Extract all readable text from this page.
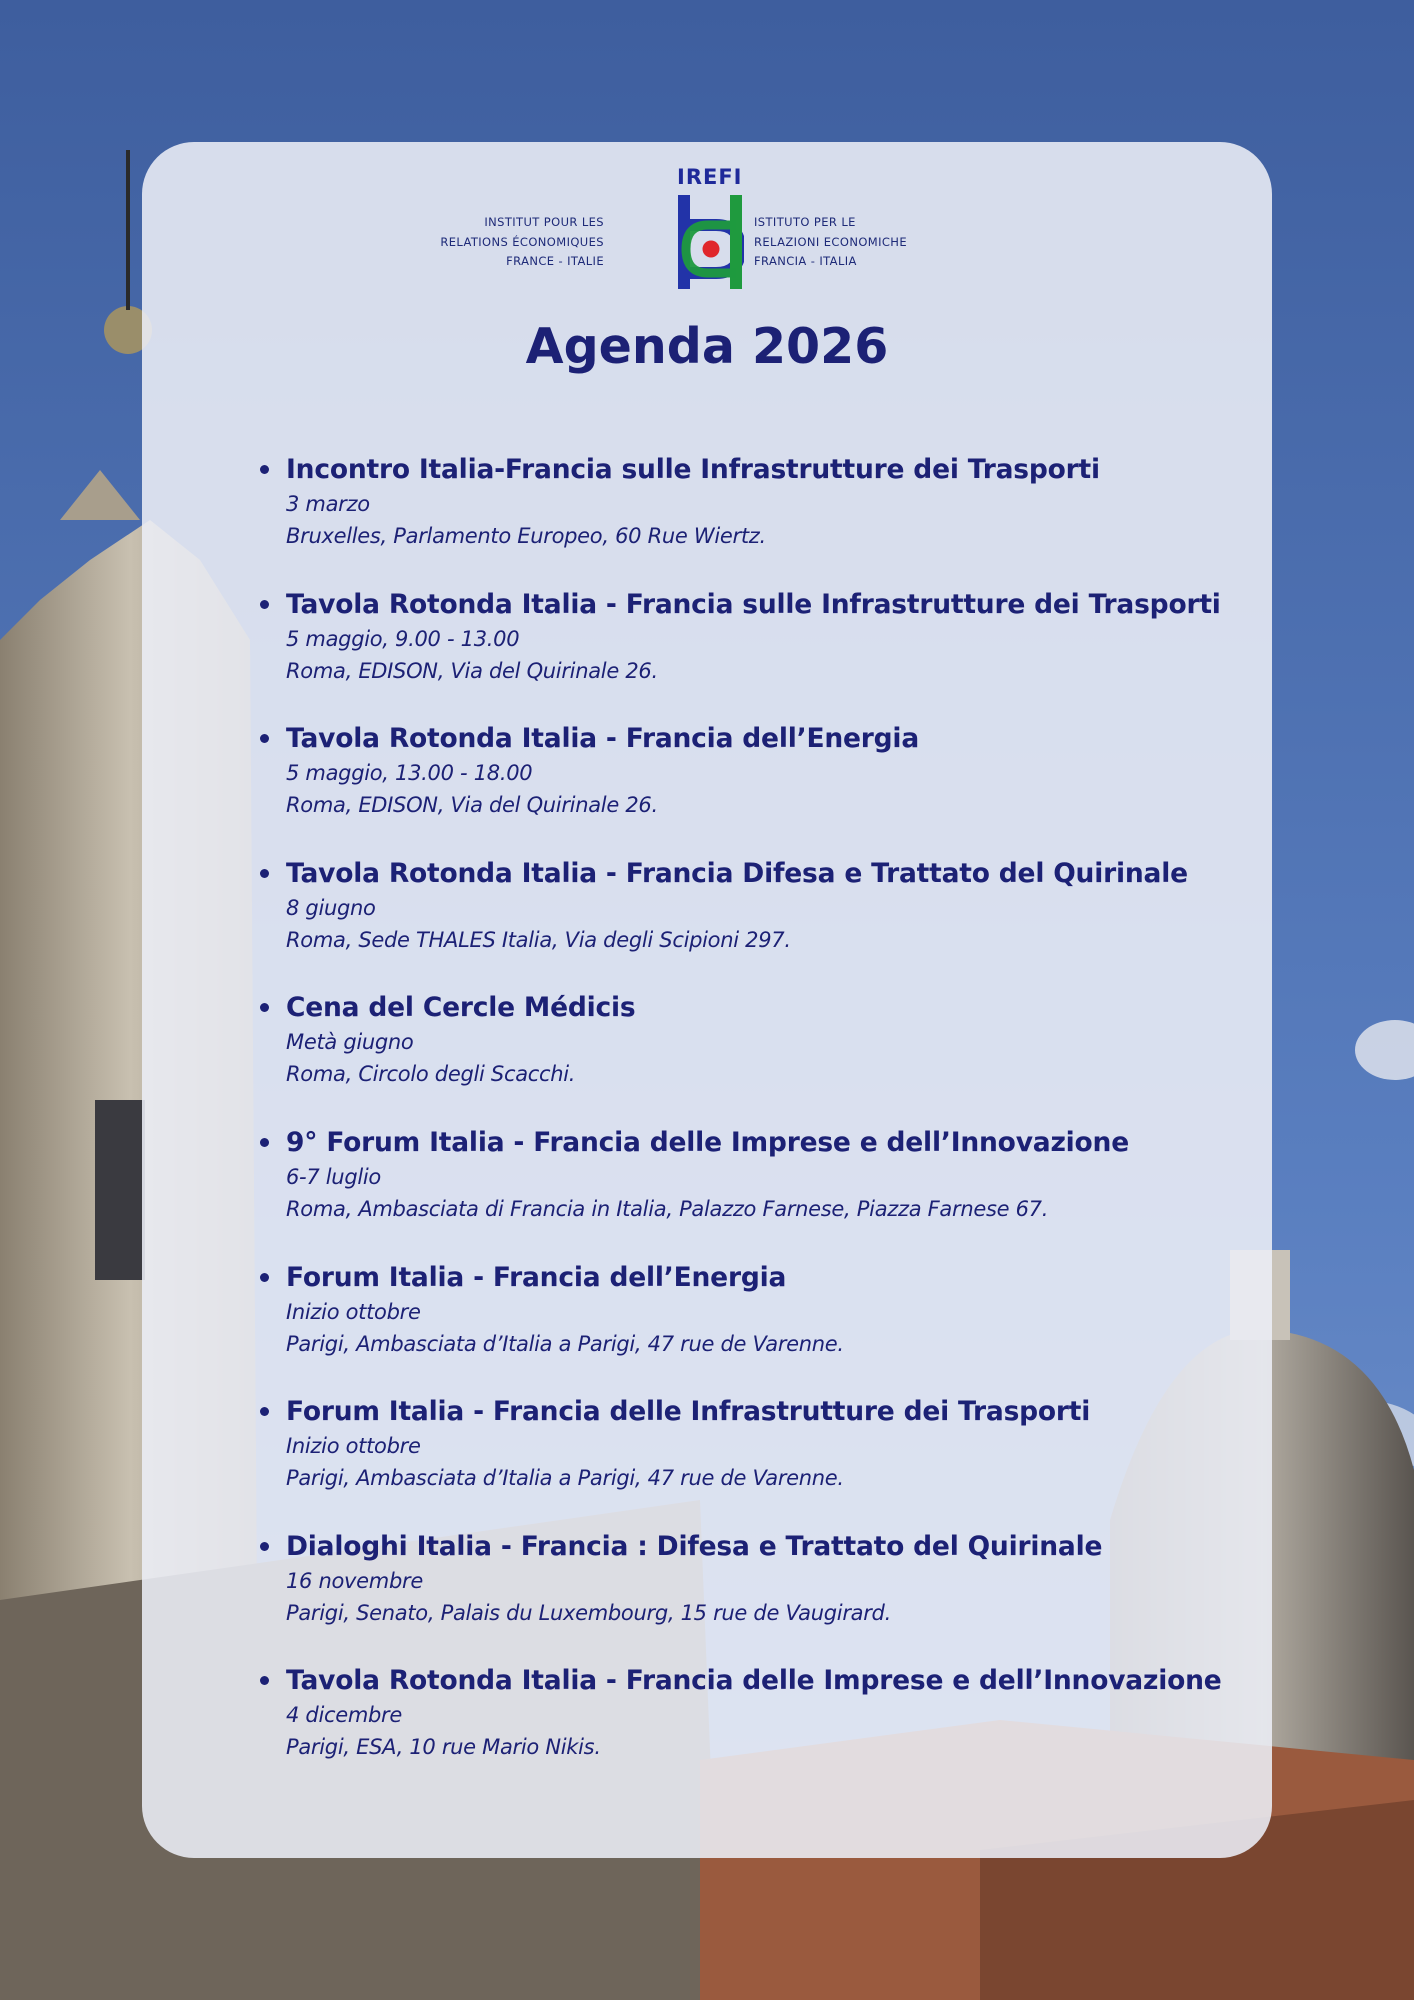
IREFI
INSTITUT POUR LES
RELATIONS ÉCONOMIQUES
FRANCE - ITALIE
ISTITUTO PER LE
RELAZIONI ECONOMICHE
FRANCIA - ITALIA
Agenda 2026
Incontro Italia-Francia sulle Infrastrutture dei Trasporti
3 marzo
Bruxelles, Parlamento Europeo, 60 Rue Wiertz.
Tavola Rotonda Italia - Francia sulle Infrastrutture dei Trasporti
5 maggio, 9.00 - 13.00
Roma, EDISON, Via del Quirinale 26.
Tavola Rotonda Italia - Francia dell’Energia
5 maggio, 13.00 - 18.00
Roma, EDISON, Via del Quirinale 26.
Tavola Rotonda Italia - Francia Difesa e Trattato del Quirinale
8 giugno
Roma, Sede THALES Italia, Via degli Scipioni 297.
Cena del Cercle Médicis
Metà giugno
Roma, Circolo degli Scacchi.
9° Forum Italia - Francia delle Imprese e dell’Innovazione
6-7 luglio
Roma, Ambasciata di Francia in Italia, Palazzo Farnese, Piazza Farnese 67.
Forum Italia - Francia dell’Energia
Inizio ottobre
Parigi, Ambasciata d’Italia a Parigi, 47 rue de Varenne.
Forum Italia - Francia delle Infrastrutture dei Trasporti
Inizio ottobre
Parigi, Ambasciata d’Italia a Parigi, 47 rue de Varenne.
Dialoghi Italia - Francia : Difesa e Trattato del Quirinale
16 novembre
Parigi, Senato, Palais du Luxembourg, 15 rue de Vaugirard.
Tavola Rotonda Italia - Francia delle Imprese e dell’Innovazione
4 dicembre
Parigi, ESA, 10 rue Mario Nikis.
